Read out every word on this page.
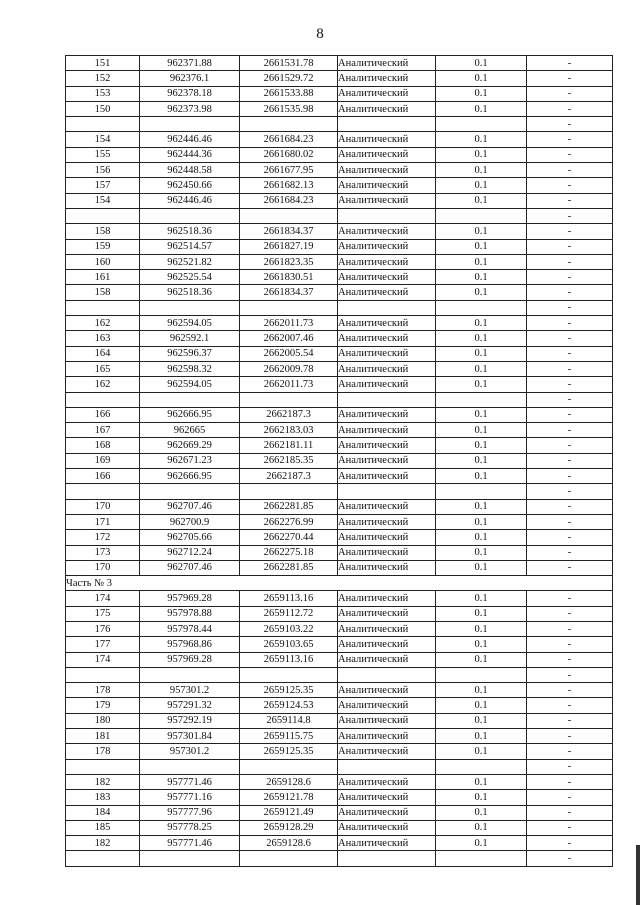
8
151	962371.88	2661531.78	Аналитический	0.1	-
152	962376.1	2661529.72	Аналитический	0.1	-
153	962378.18	2661533.88	Аналитический	0.1	-
150	962373.98	2661535.98	Аналитический	0.1	-
					-
154	962446.46	2661684.23	Аналитический	0.1	-
155	962444.36	2661680.02	Аналитический	0.1	-
156	962448.58	2661677.95	Аналитический	0.1	-
157	962450.66	2661682.13	Аналитический	0.1	-
154	962446.46	2661684.23	Аналитический	0.1	-
					-
158	962518.36	2661834.37	Аналитический	0.1	-
159	962514.57	2661827.19	Аналитический	0.1	-
160	962521.82	2661823.35	Аналитический	0.1	-
161	962525.54	2661830.51	Аналитический	0.1	-
158	962518.36	2661834.37	Аналитический	0.1	-
					-
162	962594.05	2662011.73	Аналитический	0.1	-
163	962592.1	2662007.46	Аналитический	0.1	-
164	962596.37	2662005.54	Аналитический	0.1	-
165	962598.32	2662009.78	Аналитический	0.1	-
162	962594.05	2662011.73	Аналитический	0.1	-
					-
166	962666.95	2662187.3	Аналитический	0.1	-
167	962665	2662183.03	Аналитический	0.1	-
168	962669.29	2662181.11	Аналитический	0.1	-
169	962671.23	2662185.35	Аналитический	0.1	-
166	962666.95	2662187.3	Аналитический	0.1	-
					-
170	962707.46	2662281.85	Аналитический	0.1	-
171	962700.9	2662276.99	Аналитический	0.1	-
172	962705.66	2662270.44	Аналитический	0.1	-
173	962712.24	2662275.18	Аналитический	0.1	-
170	962707.46	2662281.85	Аналитический	0.1	-
Часть № 3					
174	957969.28	2659113.16	Аналитический	0.1	-
175	957978.88	2659112.72	Аналитический	0.1	-
176	957978.44	2659103.22	Аналитический	0.1	-
177	957968.86	2659103.65	Аналитический	0.1	-
174	957969.28	2659113.16	Аналитический	0.1	-
					-
178	957301.2	2659125.35	Аналитический	0.1	-
179	957291.32	2659124.53	Аналитический	0.1	-
180	957292.19	2659114.8	Аналитический	0.1	-
181	957301.84	2659115.75	Аналитический	0.1	-
178	957301.2	2659125.35	Аналитический	0.1	-
					-
182	957771.46	2659128.6	Аналитический	0.1	-
183	957771.16	2659121.78	Аналитический	0.1	-
184	957777.96	2659121.49	Аналитический	0.1	-
185	957778.25	2659128.29	Аналитический	0.1	-
182	957771.46	2659128.6	Аналитический	0.1	-
					-
